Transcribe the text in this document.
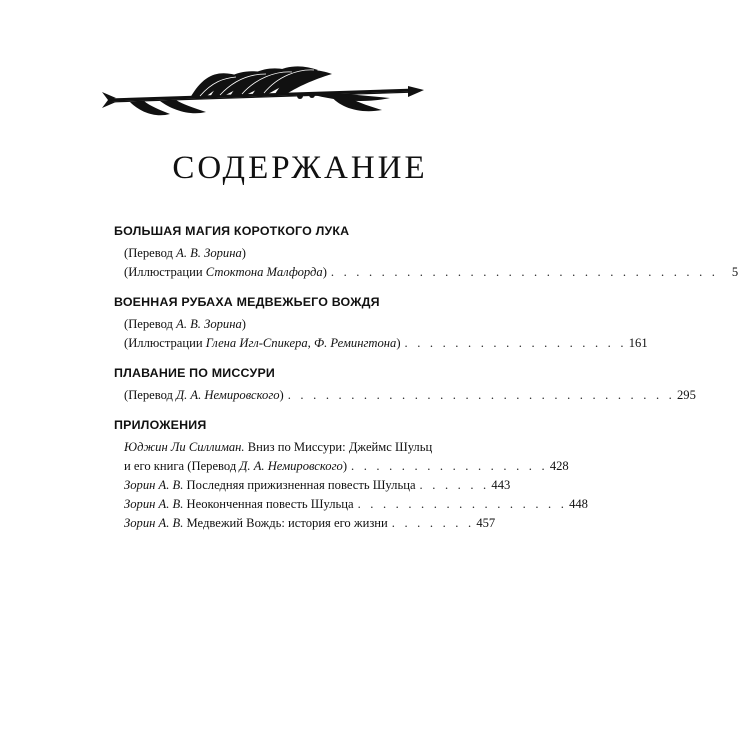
СОДЕРЖАНИЕ
БОЛЬШАЯ МАГИЯ КОРОТКОГО ЛУКА
(Перевод А. В. Зорина)
(Иллюстрации Стоктона Малфорда) . . . . . . . . . . . . . . . . . . . . . . . . . . . . . . .	5
ВОЕННАЯ РУБАХА МЕДВЕЖЬЕГО ВОЖДЯ
(Перевод А. В. Зорина)
(Иллюстрации Глена Игл-Спикера, Ф. Ремингтона) . . . . . . . . . . . . . . . . . . 161
ПЛАВАНИЕ ПО МИССУРИ
(Перевод Д. А. Немировского) . . . . . . . . . . . . . . . . . . . . . . . . . . . . . . . 295
ПРИЛОЖЕНИЯ
Юджин Ли Силлиман. Вниз по Миссури: Джеймс Шульц
и его книга (Перевод Д. А. Немировского) . . . . . . . . . . . . . . . . 428
Зорин А. В. Последняя прижизненная повесть Шульца . . . . . . 443
Зорин А. В. Неоконченная повесть Шульца . . . . . . . . . . . . . . . . . 448
Зорин А. В. Медвежий Вождь: история его жизни . . . . . . . 457
